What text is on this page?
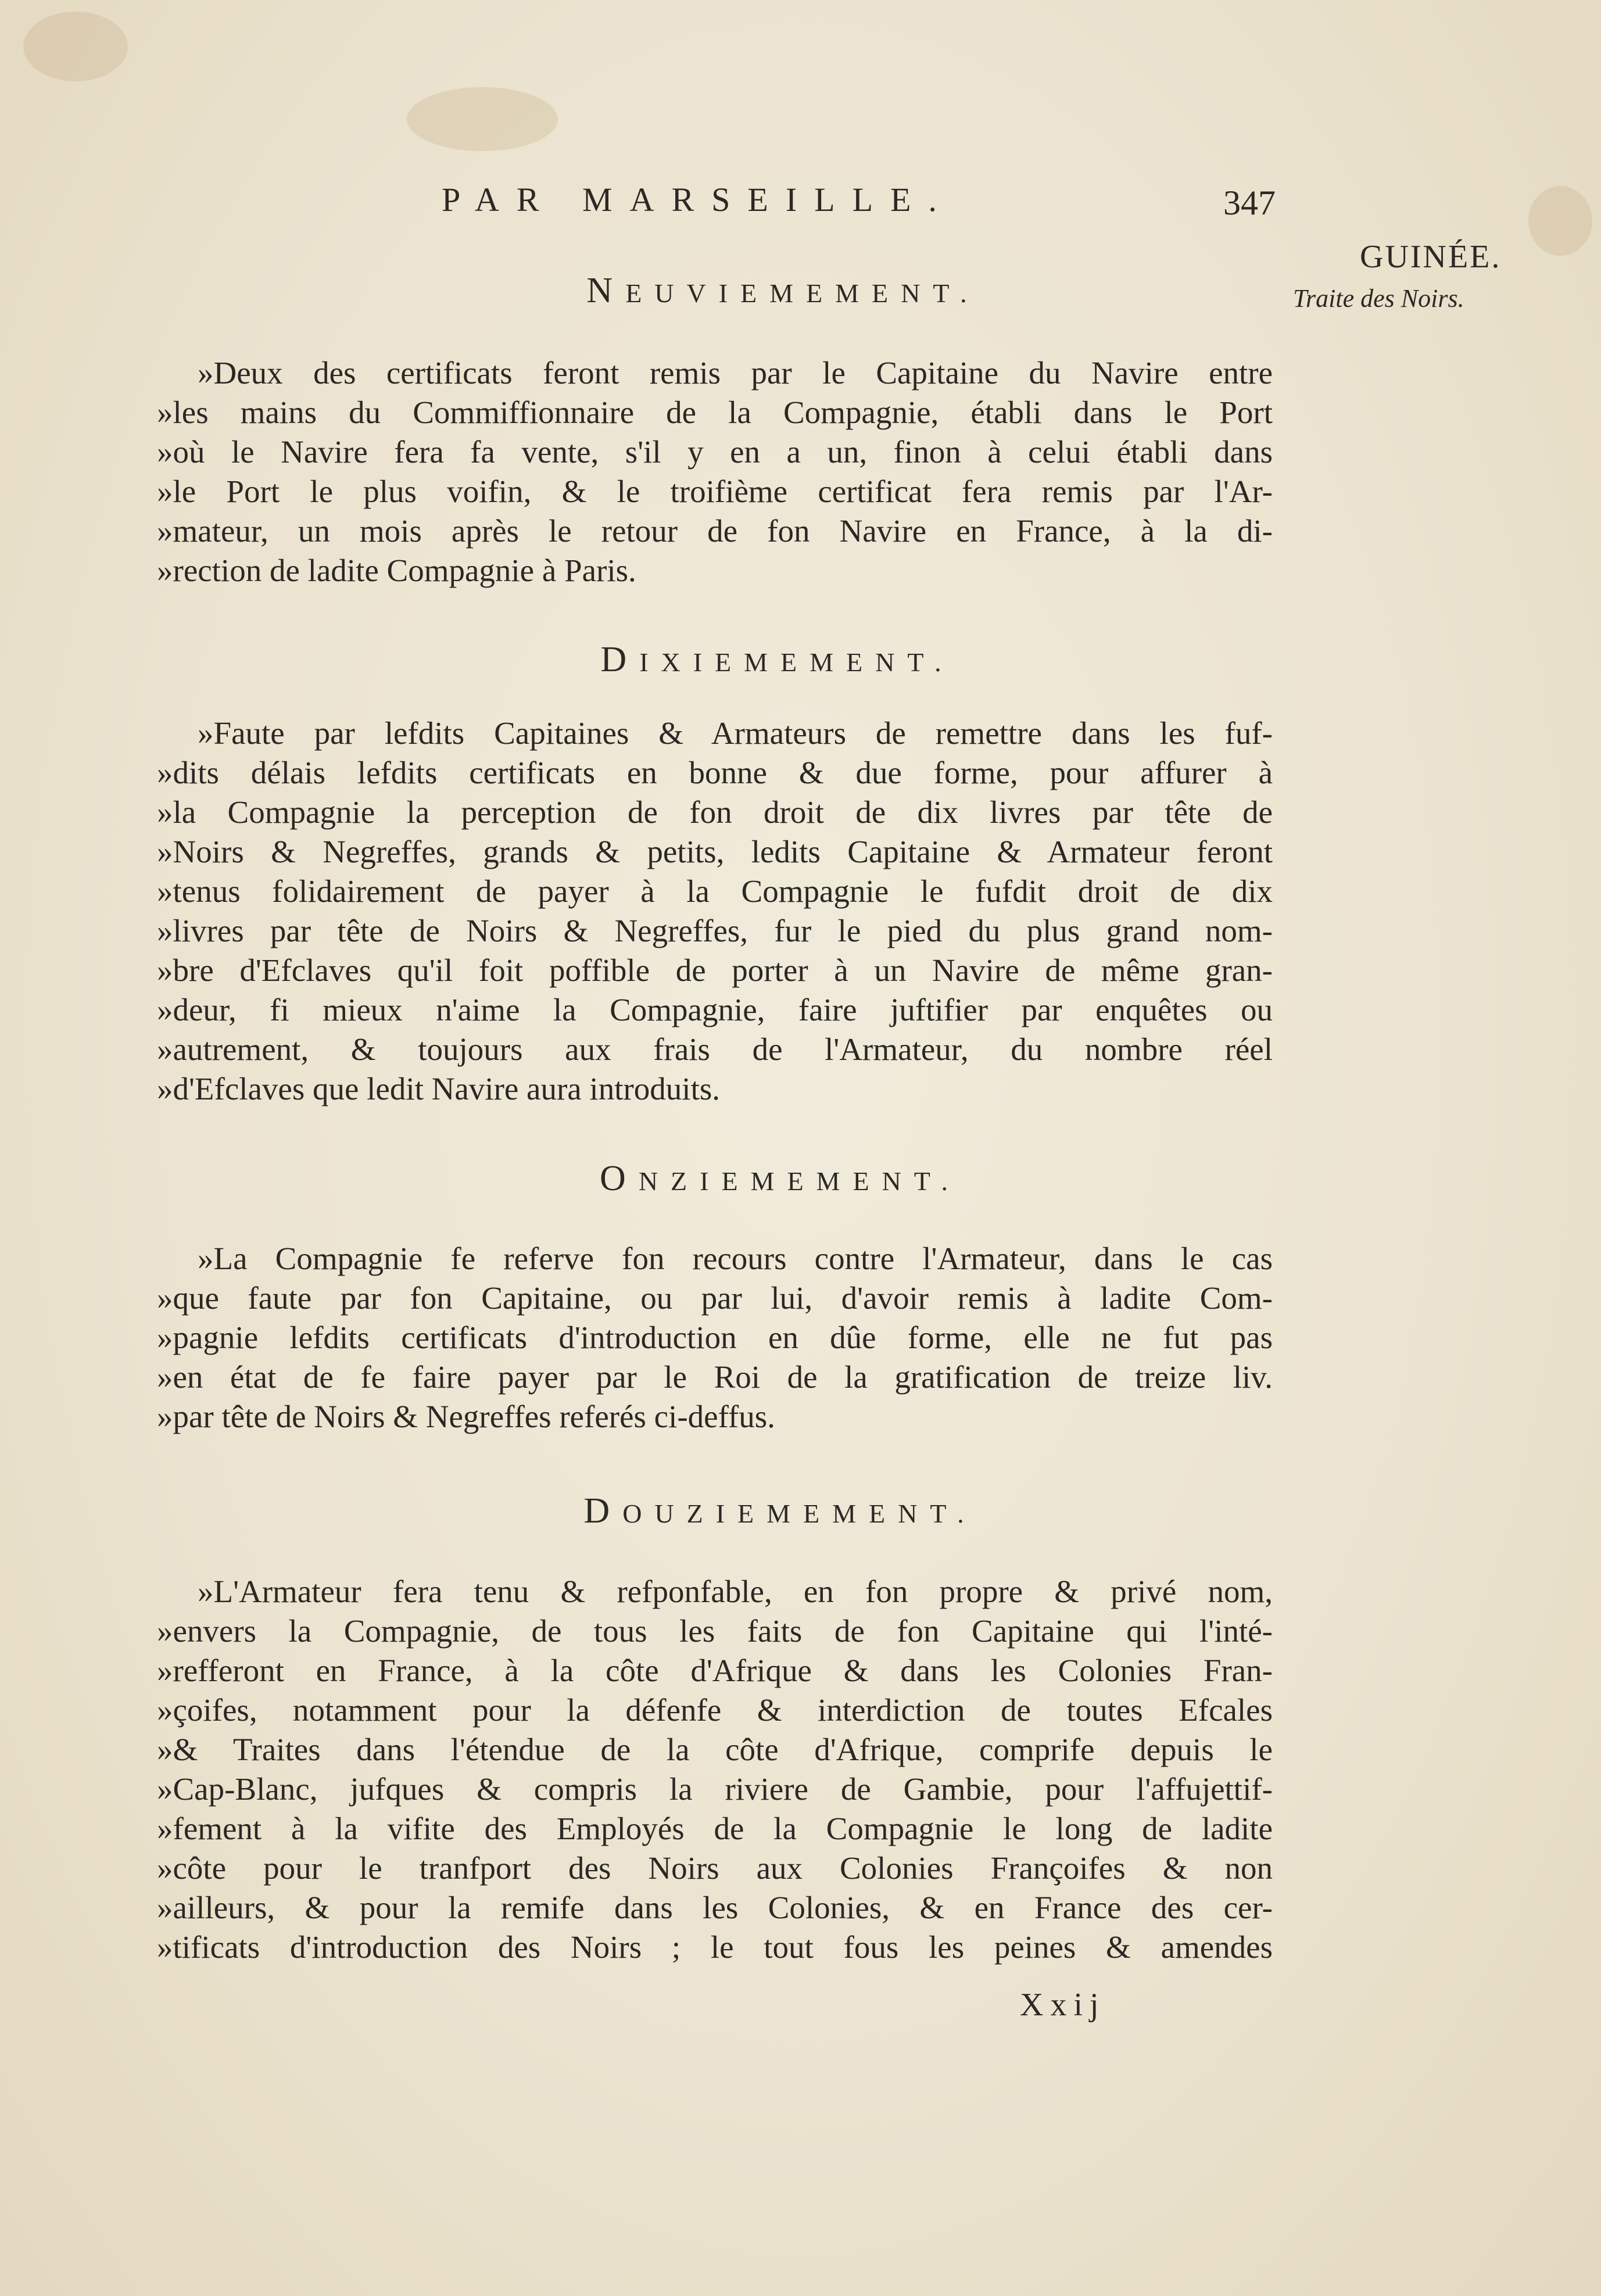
PAR MARSEILLE.	347
GUINÉE.
Traite des Noirs.
NEUVIEMEMENT.
»Deux des certificats feront remis par le Capitaine du Navire entre
»les mains du Commiffionnaire de la Compagnie, établi dans le Port
»où le Navire fera fa vente, s'il y en a un, finon à celui établi dans
»le Port le plus voifin, & le troifième certificat fera remis par l'Ar-
»mateur, un mois après le retour de fon Navire en France, à la di-
»rection de ladite Compagnie à Paris.
DIXIEMEMENT.
»Faute par lefdits Capitaines & Armateurs de remettre dans les fuf-
»dits délais lefdits certificats en bonne & due forme, pour affurer à
»la Compagnie la perception de fon droit de dix livres par tête de
»Noirs & Negreffes, grands & petits, ledits Capitaine & Armateur feront
»tenus folidairement de payer à la Compagnie le fufdit droit de dix
»livres par tête de Noirs & Negreffes, fur le pied du plus grand nom-
»bre d'Efclaves qu'il foit poffible de porter à un Navire de même gran-
»deur, fi mieux n'aime la Compagnie, faire juftifier par enquêtes ou
»autrement, & toujours aux frais de l'Armateur, du nombre réel
»d'Efclaves que ledit Navire aura introduits.
ONZIEMEMENT.
»La Compagnie fe referve fon recours contre l'Armateur, dans le cas
»que faute par fon Capitaine, ou par lui, d'avoir remis à ladite Com-
»pagnie lefdits certificats d'introduction en dûe forme, elle ne fut pas
»en état de fe faire payer par le Roi de la gratification de treize liv.
»par tête de Noirs & Negreffes referés ci-deffus.
DOUZIEMEMENT.
»L'Armateur fera tenu & refponfable, en fon propre & privé nom,
»envers la Compagnie, de tous les faits de fon Capitaine qui l'inté-
»refferont en France, à la côte d'Afrique & dans les Colonies Fran-
»çoifes, notamment pour la défenfe & interdiction de toutes Efcales
»& Traites dans l'étendue de la côte d'Afrique, comprife depuis le
»Cap-Blanc, jufques & compris la riviere de Gambie, pour l'affujettif-
»fement à la vifite des Employés de la Compagnie le long de ladite
»côte pour le tranfport des Noirs aux Colonies Françoifes & non
»ailleurs, & pour la remife dans les Colonies, & en France des cer-
»tificats d'introduction des Noirs ; le tout fous les peines & amendes
Xxij
